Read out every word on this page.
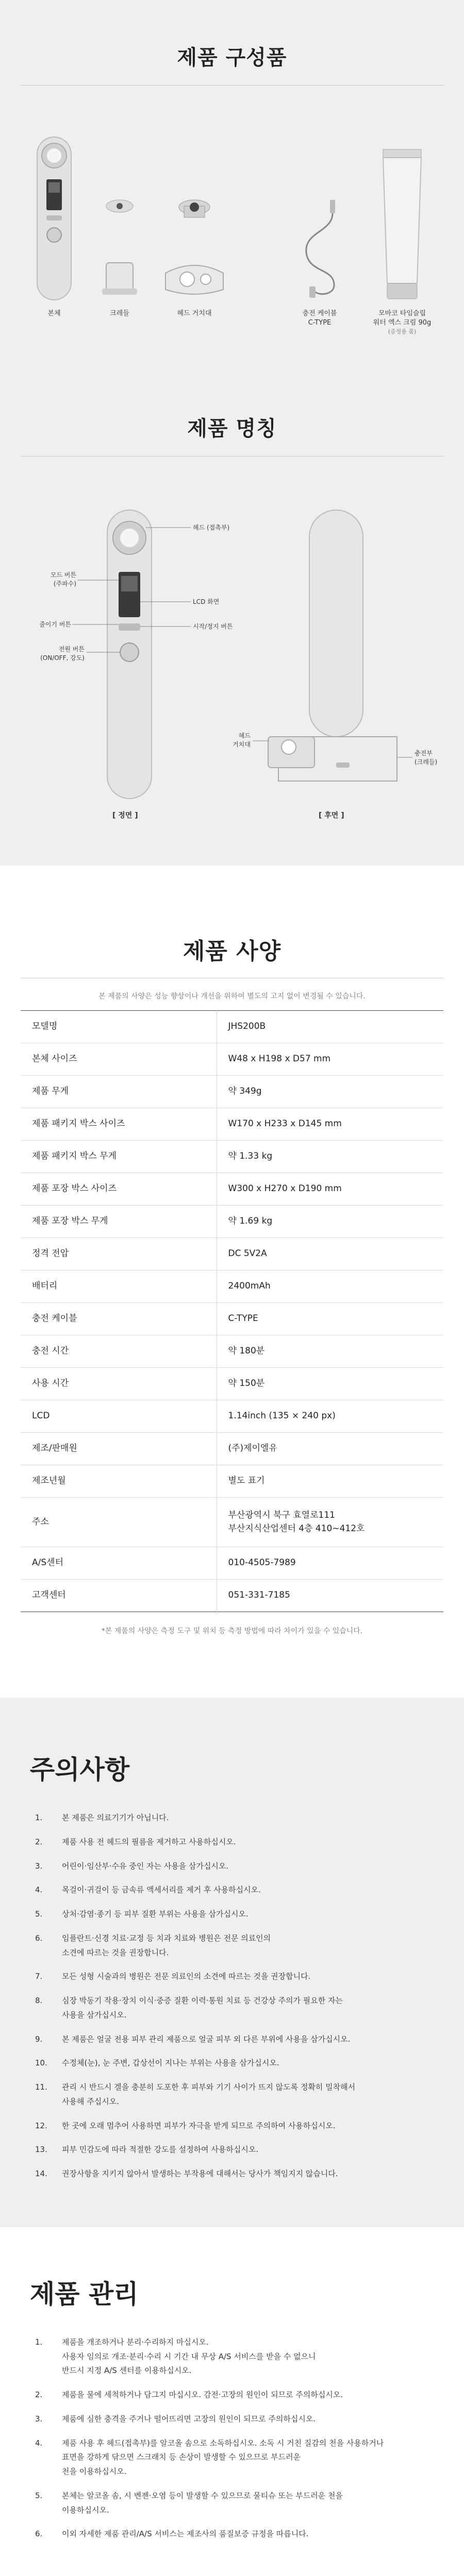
제품 구성품
본체	크레들	헤드 거치대	충전 케이블
C-TYPE
모바코 타임슬립
워터 엑스 크림 90g
(증정용 품)
제품 명칭
헤드 (접촉부)
모드 버튼
(주파수)
LCD 화면
시작/정지 버튼
줄이기 버튼
전원 버튼
(ON/OFF, 강도)
헤드
거치대
충전부
(크레들)
[ 정면 ]	[ 후면 ]
제품 사양
본 제품의 사양은 성능 향상이나 개선을 위하여 별도의 고지 없이 변경될 수 있습니다.
모델명	JHS200B
본체 사이즈	W48 x H198 x D57 mm
제품 무게	약 349g
제품 패키지 박스 사이즈	W170 x H233 x D145 mm
제품 패키지 박스 무게	약 1.33 kg
제품 포장 박스 사이즈	W300 x H270 x D190 mm
제품 포장 박스 무게	약 1.69 kg
정격 전압	DC 5V2A
배터리	2400mAh
충전 케이블	C-TYPE
충전 시간	약 180분
사용 시간	약 150분
LCD	1.14inch (135 × 240 px)
제조/판매원	(주)제이엘유
제조년월	별도 표기
주소	부산광역시 북구 효열로111
부산지식산업센터 4층 410~412호

A/S센터	010-4505-7989
고객센터	051-331-7185
*본 제품의 사양은 측정 도구 및 위치 등 측정 방법에 따라 차이가 있을 수 있습니다.
주의사항
1.	본 제품은 의료기기가 아닙니다.
2.	제품 사용 전 헤드의 필름을 제거하고 사용하십시오.
3.	어린이·임산부·수유 중인 자는 사용을 삼가십시오.
4.	목걸이·귀걸이 등 금속류 액세서리를 제거 후 사용하십시오.
5.	상처·감염·종기 등 피부 질환 부위는 사용을 삼가십시오.
6.	임플란트·신경 치료·교정 등 치과 치료와 병원은 전문 의료인의
소견에 따르는 것을 권장합니다.
7.	모든 성형 시술과의 병원은 전문 의료인의 소견에 따르는 것을 권장합니다.
8.	심장 박동기 작용·장치 이식·중증 질환 이력·통원 치료 등 건강상 주의가 필요한 자는
사용을 삼가십시오.
9.	본 제품은 얼굴 전용 피부 관리 제품으로 얼굴 피부 외 다른 부위에 사용을 삼가십시오.
10.	수정체(눈), 눈 주변, 갑상선이 지나는 부위는 사용을 삼가십시오.
11.	관리 시 반드시 겔을 충분히 도포한 후 피부와 기기 사이가 뜨지 않도록 정확히 밀착해서
사용해 주십시오.
12.	한 곳에 오래 멈추어 사용하면 피부가 자극을 받게 되므로 주의하여 사용하십시오.
13.	피부 민감도에 따라 적절한 강도를 설정하여 사용하십시오.
14.	권장사항을 지키지 않아서 발생하는 부작용에 대해서는 당사가 책임지지 않습니다.
제품 관리
1.	제품을 개조하거나 분리·수리하지 마십시오.
사용자 임의로 개조·분리·수리 시 기간 내 무상 A/S 서비스를 받을 수 없으니
반드시 지정 A/S 센터를 이용하십시오.
2.	제품을 물에 세척하거나 담그지 마십시오. 감전·고장의 원인이 되므로 주의하십시오.
3.	제품에 심한 충격을 주거나 떨어뜨리면 고장의 원인이 되므로 주의하십시오.
4.	제품 사용 후 헤드(접촉부)를 알코올 솜으로 소독하십시오. 소독 시 거친 질감의 천을 사용하거나
표면을 강하게 닦으면 스크래치 등 손상이 발생할 수 있으므로 부드러운
천을 이용하십시오.
5.	본체는 알코올 솜, 시 벤젠·오염 등이 발생할 수 있으므로 물티슈 또는 부드러운 천을
이용하십시오.
6.	이외 자세한 제품 관리/A/S 서비스는 제조사의 품질보증 규정을 따릅니다.
